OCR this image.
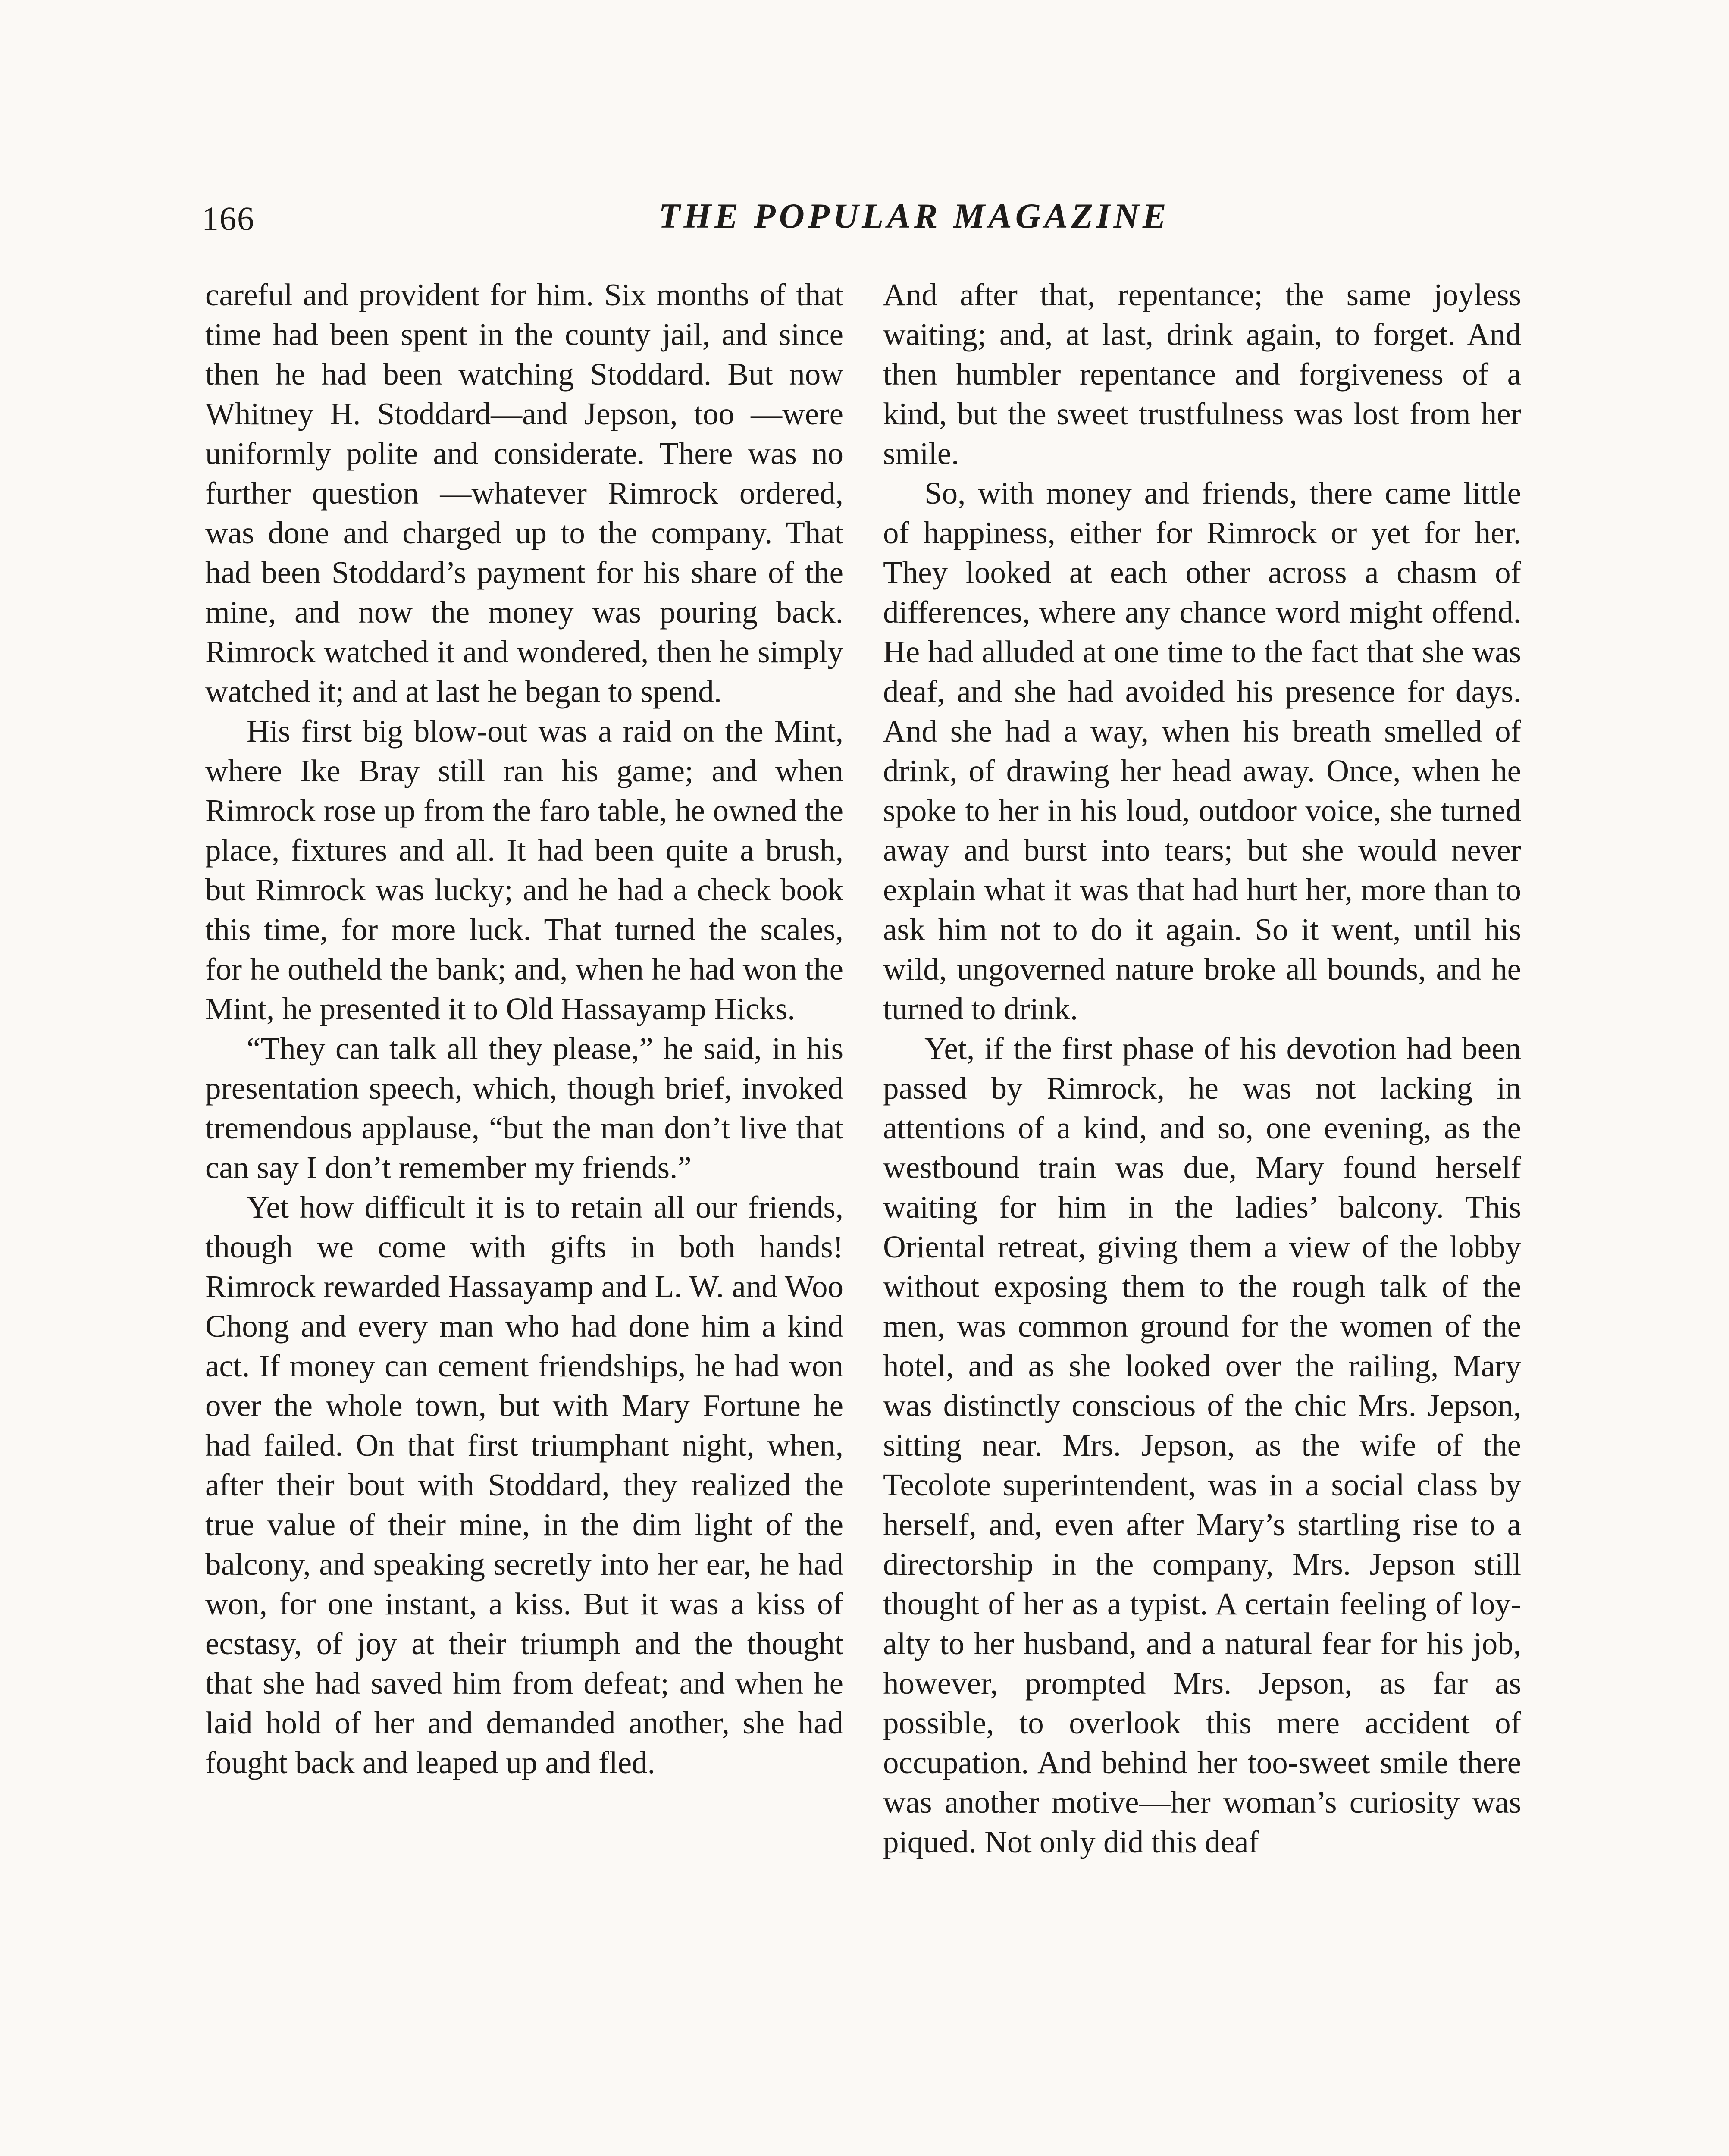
166	THE POPULAR MAGAZINE

careful and provident for him. Six months of that time had been spent in the county jail, and since then he had been watching Stoddard. But now Whitney H. Stoddard—and Jepson, too —were uniformly polite and considerate. There was no further question —whatever Rimrock ordered, was done and charged up to the company. That had been Stoddard’s payment for his share of the mine, and now the money was pouring back. Rimrock watched it and wondered, then he simply watched it; and at last he began to spend.

His first big blow-out was a raid on the Mint, where Ike Bray still ran his game; and when Rimrock rose up from the faro table, he owned the place, fixtures and all. It had been quite a brush, but Rimrock was lucky; and he had a check book this time, for more luck. That turned the scales, for he outheld the bank; and, when he had won the Mint, he presented it to Old Hassayamp Hicks.

“They can talk all they please,” he said, in his presentation speech, which, though brief, invoked tremendous applause, “but the man don’t live that can say I don’t remember my friends.”

Yet how difficult it is to retain all our friends, though we come with gifts in both hands! Rimrock rewarded Hassayamp and L. W. and Woo Chong and every man who had done him a kind act. If money can cement friendships, he had won over the whole town, but with Mary Fortune he had failed. On that first triumphant night, when, after their bout with Stoddard, they realized the true value of their mine, in the dim light of the balcony, and speaking secretly into her ear, he had won, for one instant, a kiss. But it was a kiss of ecstasy, of joy at their triumph and the thought that she had saved him from defeat; and when he laid hold of her and demanded another, she had fought back and leaped up and fled.

And after that, repentance; the same joyless waiting; and, at last, drink again, to forget. And then humbler repentance and forgiveness of a kind, but the sweet trustfulness was lost from her smile.

So, with money and friends, there came little of happiness, either for Rimrock or yet for her. They looked at each other across a chasm of differences, where any chance word might offend. He had alluded at one time to the fact that she was deaf, and she had avoided his presence for days. And she had a way, when his breath smelled of drink, of drawing her head away. Once, when he spoke to her in his loud, outdoor voice, she turned away and burst into tears; but she would never explain what it was that had hurt her, more than to ask him not to do it again. So it went, until his wild, ungoverned nature broke all bounds, and he turned to drink.

Yet, if the first phase of his devotion had been passed by Rimrock, he was not lacking in attentions of a kind, and so, one evening, as the westbound train was due, Mary found herself waiting for him in the ladies’ balcony. This Oriental retreat, giving them a view of the lobby without exposing them to the rough talk of the men, was common ground for the women of the hotel, and as she looked over the railing, Mary was distinctly conscious of the chic Mrs. Jepson, sitting near. Mrs. Jepson, as the wife of the Tecolote superintendent, was in a social class by herself, and, even after Mary’s startling rise to a directorship in the company, Mrs. Jepson still thought of her as a typist. A certain feeling of loyalty to her husband, and a natural fear for his job, however, prompted Mrs. Jepson, as far as possible, to overlook this mere accident of occupation. And behind her too-sweet smile there was another motive—her woman’s curiosity was piqued. Not only did this deaf
